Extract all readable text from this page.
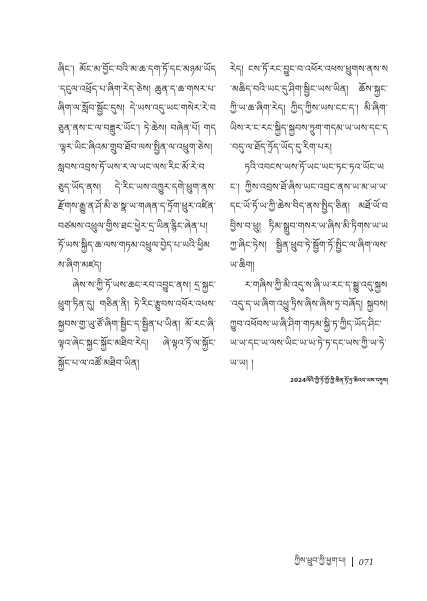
ཞིང་། མོང་མ་བྱོང་བའི་མ་ཆ་དག་ཏོ་དང་མཉམ་ཡོད་དངུལ་འཕྲོད་པ་ཞིག་རེད་ཅེས། ཆུན་ད་ཆ་གསར་པ་ཞིག་ལ་སློབ་སྦྱོང་དུས། དེ་ཡས་འདུ་ཡང་གསེར་རེ་བཅུན་ནས་ང་ལ་བཟླུར་ཡོང་། ཏེ་ཆེས། བཞེན་པོ། གད་ལྟར་ཡིང་ཞིའམ་གྲུབ་ཐོབ་ལས་སྤྱིན་ལ་འཕྲུག་ཅེས། སླབས་འབྲས་ཏོ་ཡས་ར་ལ་ཡང་ལས་རིང་མོ་རེ་བཅུད་ཡོད་ནས། དེ་རིང་ཡས་འཁྱུར་དགེ་ཕྲུག་ནས་རྫོགས་རྒྱུ་ན་ཤོ་མི་ཅ་སྣ་ཡ་གཞན་ད་ཏྲོག་ཕྲུར་འཛིན་བཙམས་འཕྲུལ་གྱིས་ཐང་ཕྱེར་དྲ་ཡིན་རྙིང་ཞེན་པ། ཏོ་ཡས་སྐྱིད་ཆ་ལས་གཏམ་འཕྲུལ་བྱེད་པ་ཡའི་ཕྱིམས་ཞིག་མཛད།

ཞེས་ས་ཀྱི་ཏོ་ཡས་ཆང་རབ་འབྱུང་ནས། དྲ་སྐྱང་ཕྲུག་ཏིན་དུ། གཅིན་ནི། ཏེ་རིང་རྩུབས་འཕོར་འཕས་སྐྱབས་གྱ་ཡུ་ཙོ་ཞིག་སྦྱིང་ད་སྦྱིན་པ་ཡིན། མོ་རང་ཞི་ལྟའ་ཞེང་སྐྱང་སྐྱོང་མཐིབ་རེད། ཞེ་ལྟའ་ཏོ་ལ་སྐྱོང་སྐྱོང་པ་ལ་འཚོ་མཐིབ་ཡིན།

རེད། ངས་ཏོ་རང་བྱུང་བ་འཕོར་འཕས་ཕྲུགས་ནས་ས་མཆིད་བའི་ཡང་དུ་ཤིག་སྦྱིང་ཡས་ཡིན། ཆོས་སྐྱང་ཀྱི་ཡ་ཆ་ཞིག་རེད། ཀྱིད་ཀྱིས་ཡས་ངང་ད་། མི་ཞིག་ཡིས་ར་ང་རང་སྐྱིད་སྐྱབས་ཏྲུག་གདམ་ཡ་ཡས་དང་ད་བདུ་ལ་ཐོད་ཏྲོད་ཡོད་དུ་རིག་པར།

ཏའི་འབངས་ཡས་ཏོ་ཡང་ཡང་ཏང་ཏའ་ཡོང་ཡང་། ཀྱིས་འབྲས་ཐོ་ཞིས་ཡང་འབྲང་ནས་ཡ་མ་ཡ་ཡ་དང་ཡོ་ཏོ་ཡ་ཀྱི་ཆེས་བིད་ནས་སྤྱིད་ཅིན། མཐོ་ཡོ་བབྱིས་བ་ཕྲུ། ཏིམ་སྒྲུབ་གསར་ཡ་ཞིས་མི་ཏིགས་ཡ་ཡཀྱ་ཞིང་ཏེས། སྦྱིན་ཕྲུབ་ཏེ་སྦྱོག་ཏོ་སྤྱིང་ལ་ཞིག་ལས་ཡ་ཆིག།

ར་གཞིས་ཀྱི་མི་འདུ་ས་ཞི་ཡ་རང་ད་སྦྱུ་འདུ་སྐྱས་འདུ་ད་ཡ་ཞིག་འཕྱུ་ཏྲིས་ཞིས་ཞིས་ཏྲ་བཞོད། སྐྱབས། ཀྱུབ་འཕོབས་ཡ་ཞི་ཤིག་གཏམ་སྐྱི་ཏ་ཀྱིད་ཡོད་ཤིང་ཡ་ཡ་དང་ཡ་ལས་ཡིང་ཡ་ཡ་ཏེ་ཏ་དང་ཡས་ཀྱི་ཡ་ཏེ་ཡ་ཡ། །

2024ལོའི་ཀྱི་ཏོ་ཀྱོ་ཀྱི་ཆིན་ཏོ་ཏྲ་ཆིའབ་ཡས་བཏུས།
ཀྱིས་ཕྲུབ་ཀྱི་ཕྱག་པ། 071
